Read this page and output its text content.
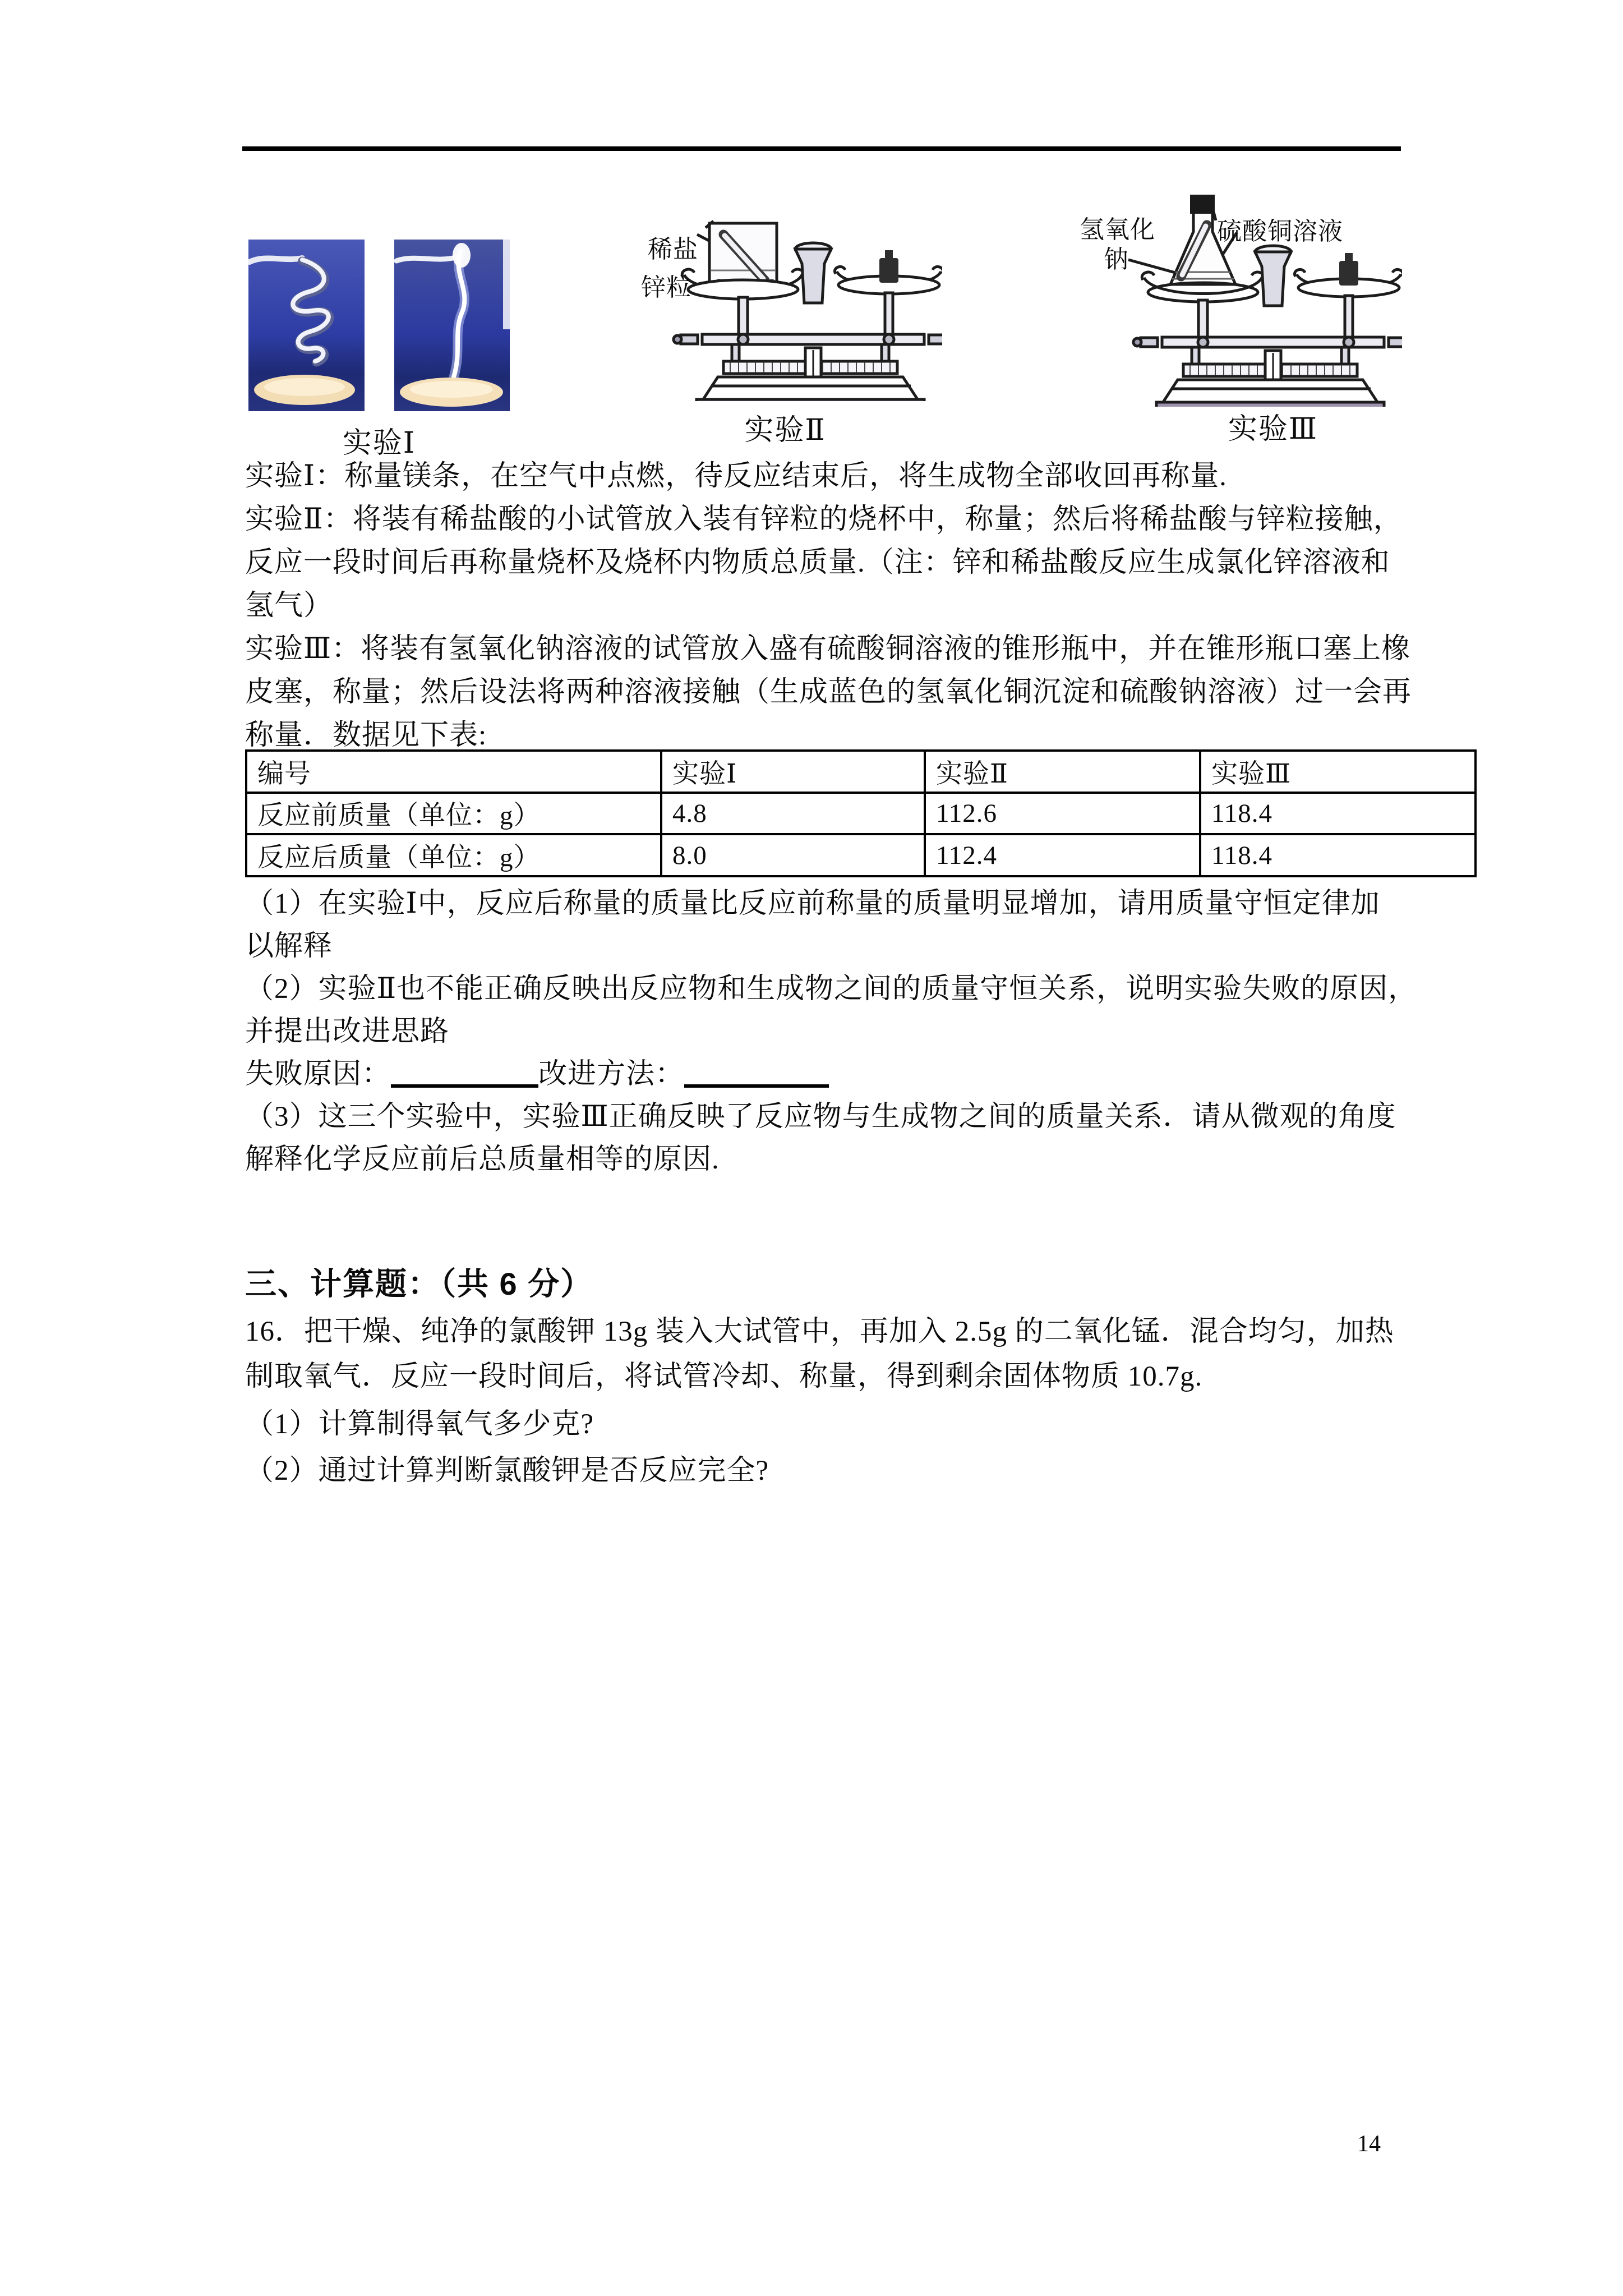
实验Ⅰ
稀盐
锌粒
实验Ⅱ
氢氧化
钠
硫酸铜溶液
实验Ⅲ
实验Ⅰ：称量镁条，在空气中点燃，待反应结束后，将生成物全部收回再称量.
实验Ⅱ：将装有稀盐酸的小试管放入装有锌粒的烧杯中，称量；然后将稀盐酸与锌粒接触，
反应一段时间后再称量烧杯及烧杯内物质总质量.（注：锌和稀盐酸反应生成氯化锌溶液和
氢气）
实验Ⅲ：将装有氢氧化钠溶液的试管放入盛有硫酸铜溶液的锥形瓶中，并在锥形瓶口塞上橡
皮塞，称量；然后设法将两种溶液接触（生成蓝色的氢氧化铜沉淀和硫酸钠溶液）过一会再
称量．数据见下表:
编号	实验Ⅰ	实验Ⅱ	实验Ⅲ
反应前质量（单位：g）	4.8	112.6	118.4
反应后质量（单位：g）	8.0	112.4	118.4
（1）在实验Ⅰ中，反应后称量的质量比反应前称量的质量明显增加，请用质量守恒定律加
以解释
（2）实验Ⅱ也不能正确反映出反应物和生成物之间的质量守恒关系，说明实验失败的原因，
并提出改进思路
失败原因：	改进方法：
（3）这三个实验中，实验Ⅲ正确反映了反应物与生成物之间的质量关系．请从微观的角度
解释化学反应前后总质量相等的原因.
三、计算题：（共 6 分）
16．把干燥、纯净的氯酸钾 13g 装入大试管中，再加入 2.5g 的二氧化锰．混合均匀，加热
制取氧气．反应一段时间后，将试管冷却、称量，得到剩余固体物质 10.7g.
（1）计算制得氧气多少克?
（2）通过计算判断氯酸钾是否反应完全?
14
